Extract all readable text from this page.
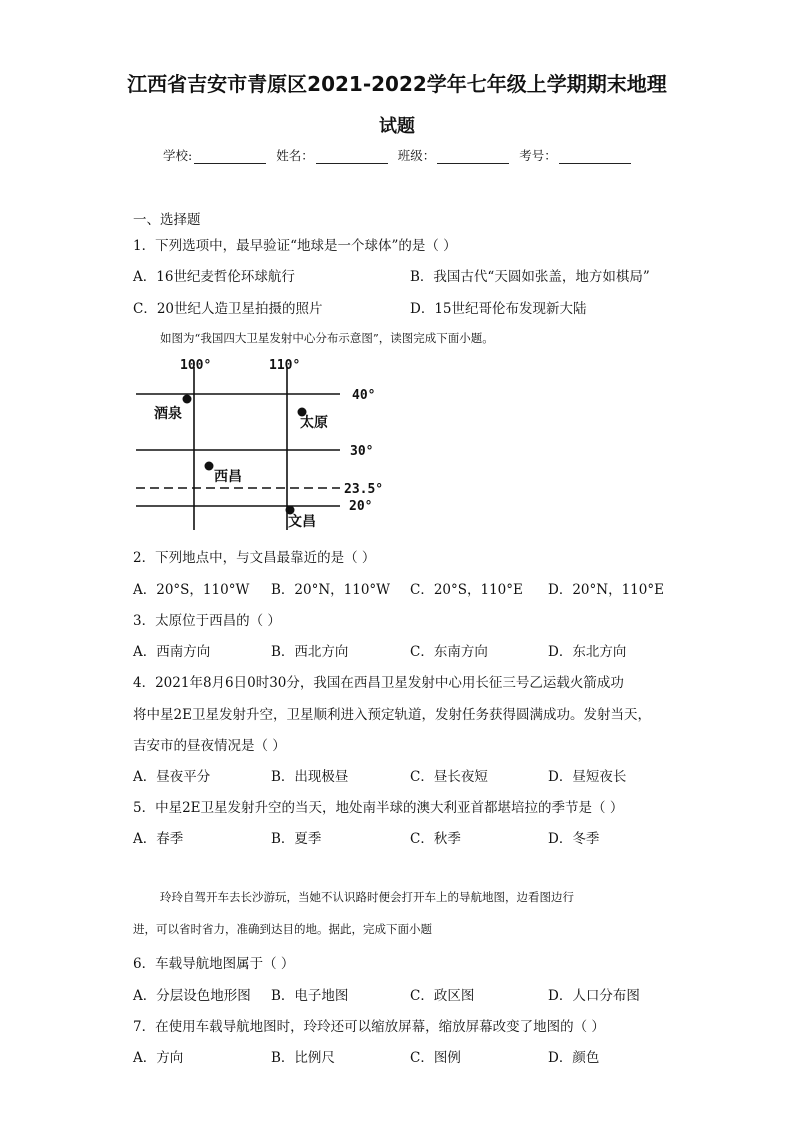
江西省吉安市青原区2021-2022学年七年级上学期期末地理
试题
学校:	姓名：	班级：	考号：
一、选择题
1．下列选项中，最早验证“地球是一个球体”的是（ ）
A．16世纪麦哲伦环球航行	B．我国古代“天圆如张盖，地方如棋局”
C．20世纪人造卫星拍摄的照片	D．15世纪哥伦布发现新大陆
如图为“我国四大卫星发射中心分布示意图”，读图完成下面小题。
100°	110°
40°
30°
23.5°
20°
酒泉
太原
西昌
文昌
2．下列地点中，与文昌最靠近的是（ ）
A．20°S，110°W B．20°N，110°W C．20°S，110°E D．20°N，110°E
3．太原位于西昌的（ ）
A．西南方向	B．西北方向	C．东南方向	D．东北方向
4．2021年8月6日0时30分，我国在西昌卫星发射中心用长征三号乙运载火箭成功
将中星2E卫星发射升空，卫星顺利进入预定轨道，发射任务获得圆满成功。发射当天，
吉安市的昼夜情况是（ ）
A．昼夜平分	B．出现极昼	C．昼长夜短	D．昼短夜长
5．中星2E卫星发射升空的当天，地处南半球的澳大利亚首都堪培拉的季节是（ ）
A．春季	B．夏季	C．秋季	D．冬季
玲玲自驾开车去长沙游玩，当她不认识路时便会打开车上的导航地图，边看图边行
进，可以省时省力，准确到达目的地。据此，完成下面小题
6．车载导航地图属于（ ）
A．分层设色地形图 B．电子地图	C．政区图	D．人口分布图
7．在使用车载导航地图时，玲玲还可以缩放屏幕，缩放屏幕改变了地图的（ ）
A．方向	B．比例尺	C．图例	D．颜色
